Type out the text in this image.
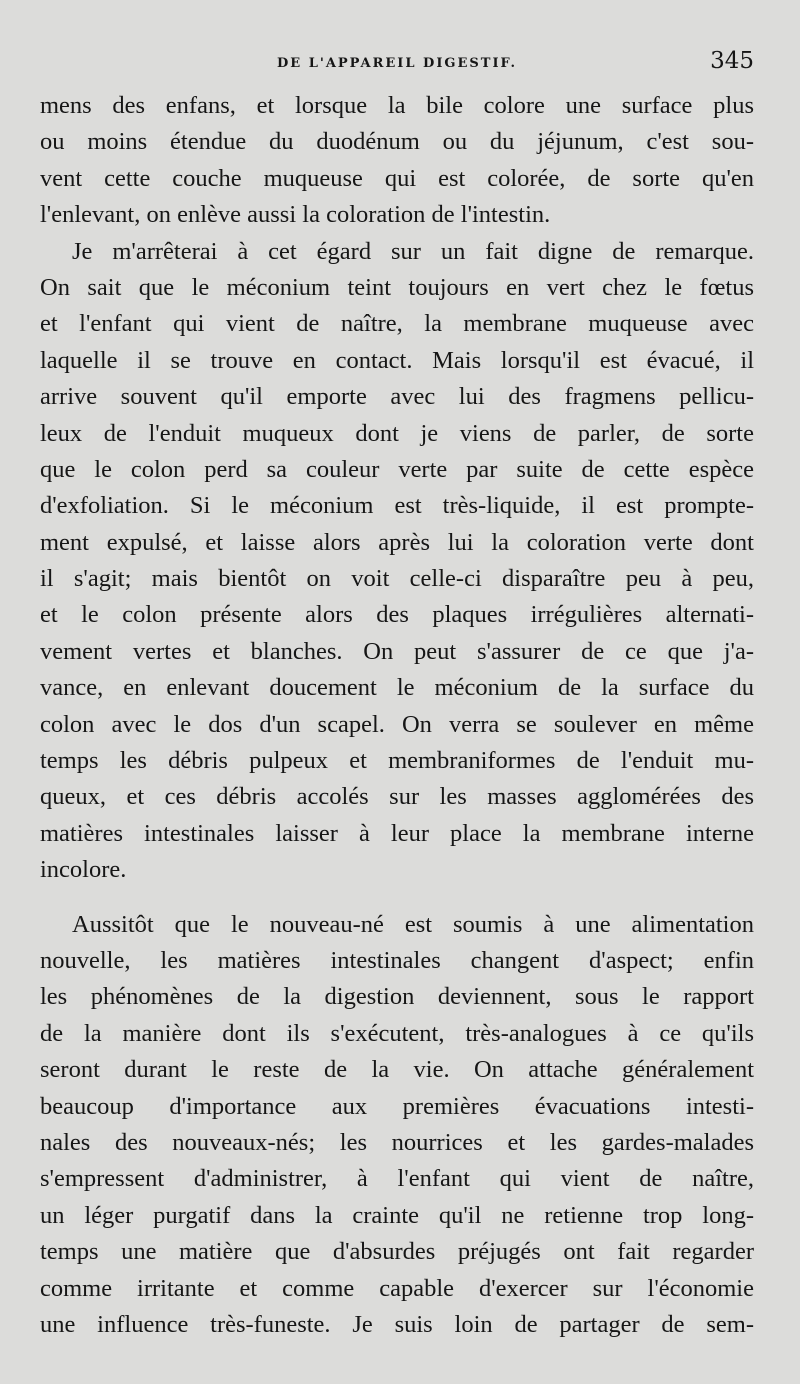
DE L'APPAREIL DIGESTIF.	345
mens des enfans, et lorsque la bile colore une surface plus
ou moins étendue du duodénum ou du jéjunum, c'est sou-
vent cette couche muqueuse qui est colorée, de sorte qu'en
l'enlevant, on enlève aussi la coloration de l'intestin.
Je m'arrêterai à cet égard sur un fait digne de remarque.
On sait que le méconium teint toujours en vert chez le fœtus
et l'enfant qui vient de naître, la membrane muqueuse avec
laquelle il se trouve en contact. Mais lorsqu'il est évacué, il
arrive souvent qu'il emporte avec lui des fragmens pellicu-
leux de l'enduit muqueux dont je viens de parler, de sorte
que le colon perd sa couleur verte par suite de cette espèce
d'exfoliation. Si le méconium est très-liquide, il est prompte-
ment expulsé, et laisse alors après lui la coloration verte dont
il s'agit; mais bientôt on voit celle-ci disparaître peu à peu,
et le colon présente alors des plaques irrégulières alternati-
vement vertes et blanches. On peut s'assurer de ce que j'a-
vance, en enlevant doucement le méconium de la surface du
colon avec le dos d'un scapel. On verra se soulever en même
temps les débris pulpeux et membraniformes de l'enduit mu-
queux, et ces débris accolés sur les masses agglomérées des
matières intestinales laisser à leur place la membrane interne
incolore.
Aussitôt que le nouveau-né est soumis à une alimentation
nouvelle, les matières intestinales changent d'aspect; enfin
les phénomènes de la digestion deviennent, sous le rapport
de la manière dont ils s'exécutent, très-analogues à ce qu'ils
seront durant le reste de la vie. On attache généralement
beaucoup d'importance aux premières évacuations intesti-
nales des nouveaux-nés; les nourrices et les gardes-malades
s'empressent d'administrer, à l'enfant qui vient de naître,
un léger purgatif dans la crainte qu'il ne retienne trop long-
temps une matière que d'absurdes préjugés ont fait regarder
comme irritante et comme capable d'exercer sur l'économie
une influence très-funeste. Je suis loin de partager de sem-
